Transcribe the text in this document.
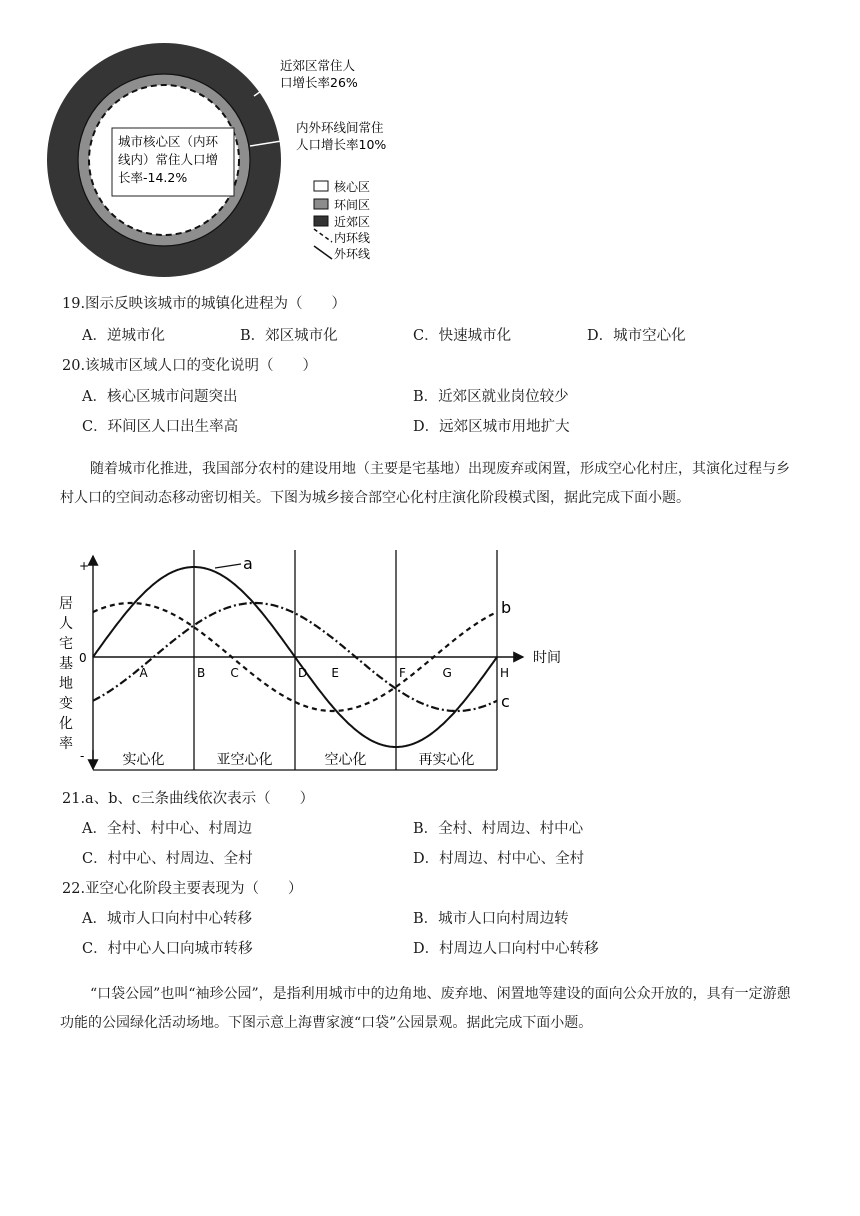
城市核心区（内环
线内）常住人口增
长率-14.2%
近郊区常住人
口增长率26%
内外环线间常住
人口增长率10%
核心区
环间区
近郊区
内环线
外环线
19.图示反映该城市的城镇化进程为（　　）
A．逆城市化	B．郊区城市化	C．快速城市化	D．城市空心化
20.该城市区域人口的变化说明（　　）
A．核心区城市问题突出	B．近郊区就业岗位较少
C．环间区人口出生率高	D．远郊区城市用地扩大
随着城市化推进，我国部分农村的建设用地（主要是宅基地）出现废弃或闲置，形成空心化村庄，其演化过程与乡村人口的空间动态移动密切相关。下图为城乡接合部空心化村庄演化阶段模式图，据此完成下面小题。
居
人
宅
基
地
变
化
率
+
0
-
时间
A	B C	D E	F	G	H
实心化	亚空心化	空心化	再实心化
a
b
c
21.a、b、c三条曲线依次表示（　　）
A．全村、村中心、村周边	B．全村、村周边、村中心
C．村中心、村周边、全村	D．村周边、村中心、全村
22.亚空心化阶段主要表现为（　　）
A．城市人口向村中心转移	B．城市人口向村周边转
C．村中心人口向城市转移	D．村周边人口向村中心转移
“口袋公园”也叫“袖珍公园”，是指利用城市中的边角地、废弃地、闲置地等建设的面向公众开放的，具有一定游憩功能的公园绿化活动场地。下图示意上海曹家渡“口袋”公园景观。据此完成下面小题。
